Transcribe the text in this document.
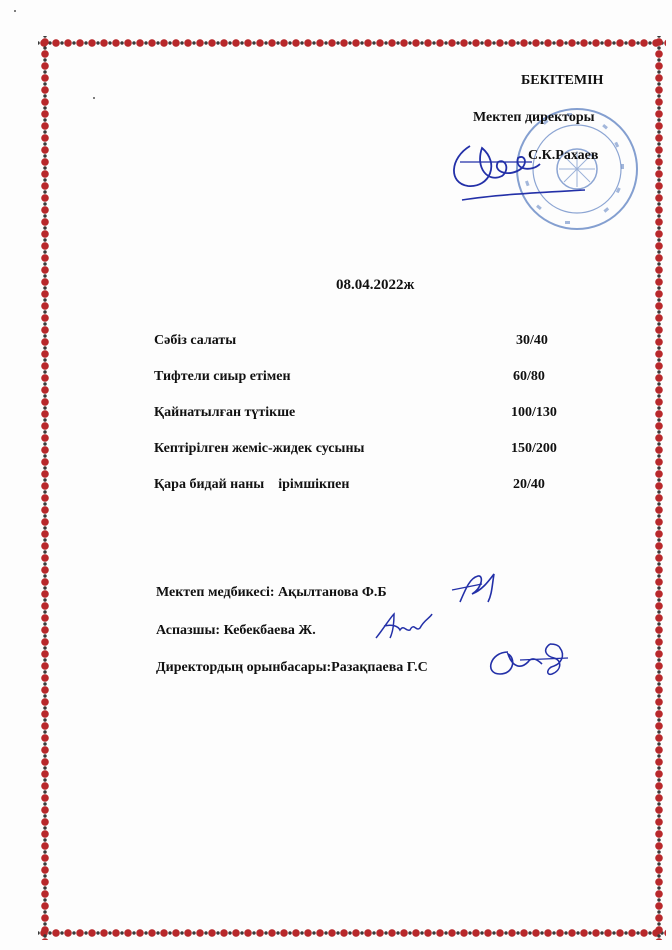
БЕКІТЕМІН
Мектеп директоры
С.К.Рахаев
08.04.2022ж
Сәбіз салаты	30/40
Тифтели сиыр етімен	60/80
Қайнатылған түтікше	100/130
Кептірілген жеміс-жидек сусыны	150/200
Қара бидай наны    ірімшікпен	20/40
Мектеп медбикесі: Ақылтанова Ф.Б
Аспазшы: Кебекбаева Ж.
Директордың орынбасары:Разақпаева Г.С
